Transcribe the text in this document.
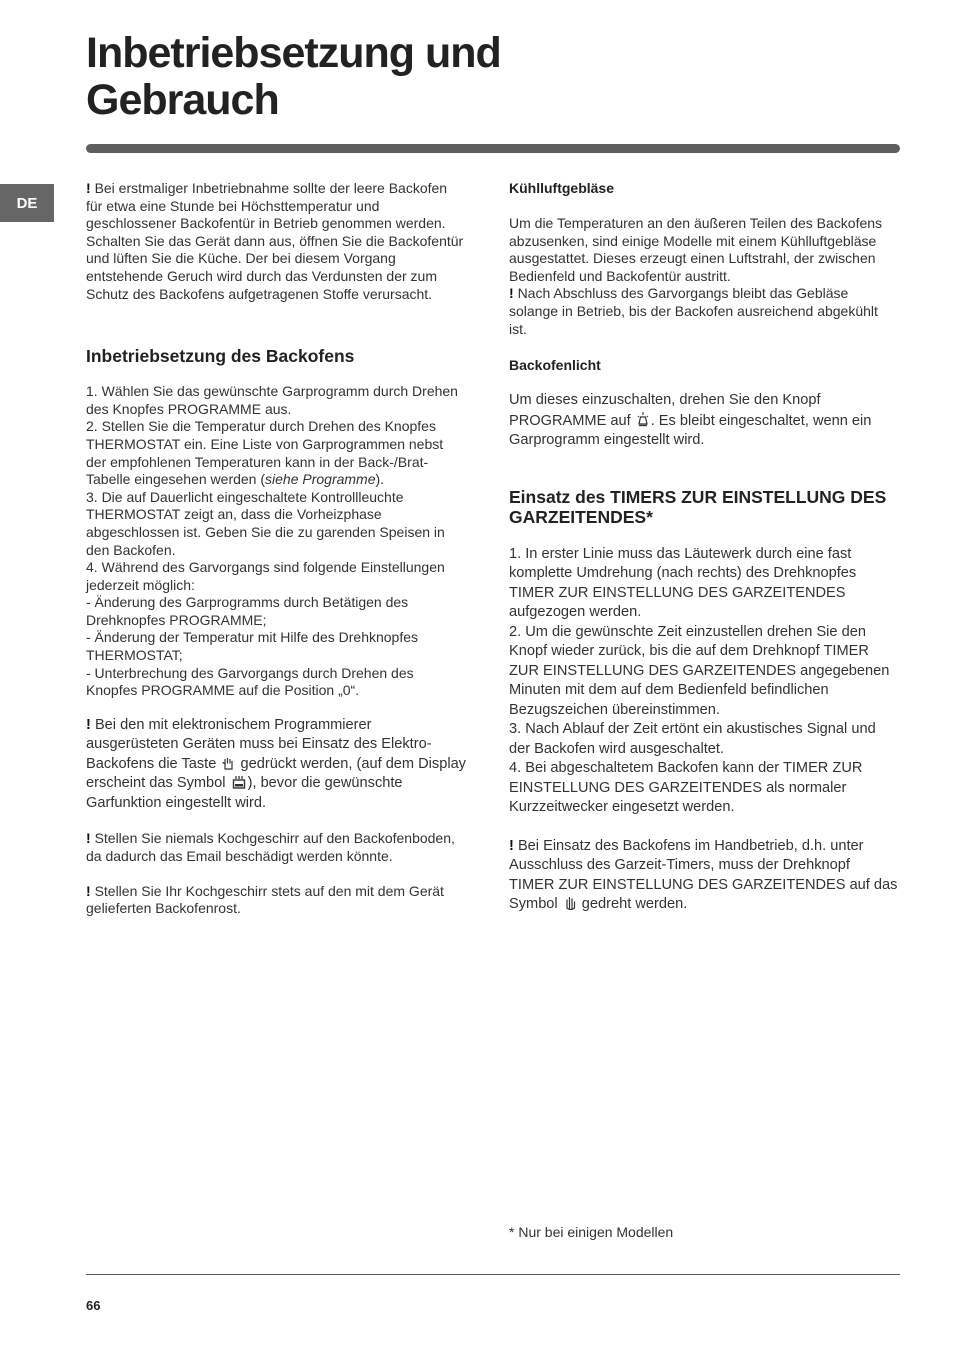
Inbetriebsetzung und
Gebrauch
DE

! Bei erstmaliger Inbetriebnahme sollte der leere Backofen für etwa eine Stunde bei Höchsttemperatur und geschlossener Backofentür in Betrieb genommen werden. Schalten Sie das Gerät dann aus, öffnen Sie die Backofentür und lüften Sie die Küche. Der bei diesem Vorgang entstehende Geruch wird durch das Verdunsten der zum Schutz des Backofens aufgetragenen Stoffe verursacht.

Inbetriebsetzung des Backofens

1. Wählen Sie das gewünschte Garprogramm durch Drehen des Knopfes PROGRAMME aus.

2. Stellen Sie die Temperatur durch Drehen des Knopfes THERMOSTAT ein. Eine Liste von Garprogrammen nebst der empfohlenen Temperaturen kann in der Back-/Brat-Tabelle eingesehen werden (siehe Programme).

3. Die auf Dauerlicht eingeschaltete Kontrollleuchte THERMOSTAT zeigt an, dass die Vorheizphase abgeschlossen ist. Geben Sie die zu garenden Speisen in den Backofen.

4. Während des Garvorgangs sind folgende Einstellungen jederzeit möglich:

- Änderung des Garprogramms durch Betätigen des Drehknopfes PROGRAMME;

- Änderung der Temperatur mit Hilfe des Drehknopfes THERMOSTAT;

- Unterbrechung des Garvorgangs durch Drehen des Knopfes PROGRAMME auf die Position „0“.

! Bei den mit elektronischem Programmierer ausgerüsteten Geräten muss bei Einsatz des Elektro-Backofens die Taste gedrückt werden, (auf dem Display erscheint das Symbol ), bevor die gewünschte Garfunktion eingestellt wird.

! Stellen Sie niemals Kochgeschirr auf den Backofenboden, da dadurch das Email beschädigt werden könnte.

! Stellen Sie Ihr Kochgeschirr stets auf den mit dem Gerät gelieferten Backofenrost.

Kühlluftgebläse

Um die Temperaturen an den äußeren Teilen des Backofens abzusenken, sind einige Modelle mit einem Kühlluftgebläse ausgestattet. Dieses erzeugt einen Luftstrahl, der zwischen Bedienfeld und Backofentür austritt.

! Nach Abschluss des Garvorgangs bleibt das Gebläse solange in Betrieb, bis der Backofen ausreichend abgekühlt ist.

Backofenlicht

Um dieses einzuschalten, drehen Sie den Knopf PROGRAMME auf . Es bleibt eingeschaltet, wenn ein Garprogramm eingestellt wird.

Einsatz des TIMERS ZUR EINSTELLUNG DES GARZEITENDES*

1. In erster Linie muss das Läutewerk durch eine fast komplette Umdrehung (nach rechts) des Drehknopfes TIMER ZUR EINSTELLUNG DES GARZEITENDES aufgezogen werden.

2. Um die gewünschte Zeit einzustellen drehen Sie den Knopf wieder zurück, bis die auf dem Drehknopf TIMER ZUR EINSTELLUNG DES GARZEITENDES angegebenen Minuten mit dem auf dem Bedienfeld befindlichen Bezugszeichen übereinstimmen.

3. Nach Ablauf der Zeit ertönt ein akustisches Signal und der Backofen wird ausgeschaltet.

4. Bei abgeschaltetem Backofen kann der TIMER ZUR EINSTELLUNG DES GARZEITENDES als normaler Kurzzeitwecker eingesetzt werden.

! Bei Einsatz des Backofens im Handbetrieb, d.h. unter Ausschluss des Garzeit-Timers, muss der Drehknopf TIMER ZUR EINSTELLUNG DES GARZEITENDES auf das Symbol gedreht werden.

* Nur bei einigen Modellen
66
